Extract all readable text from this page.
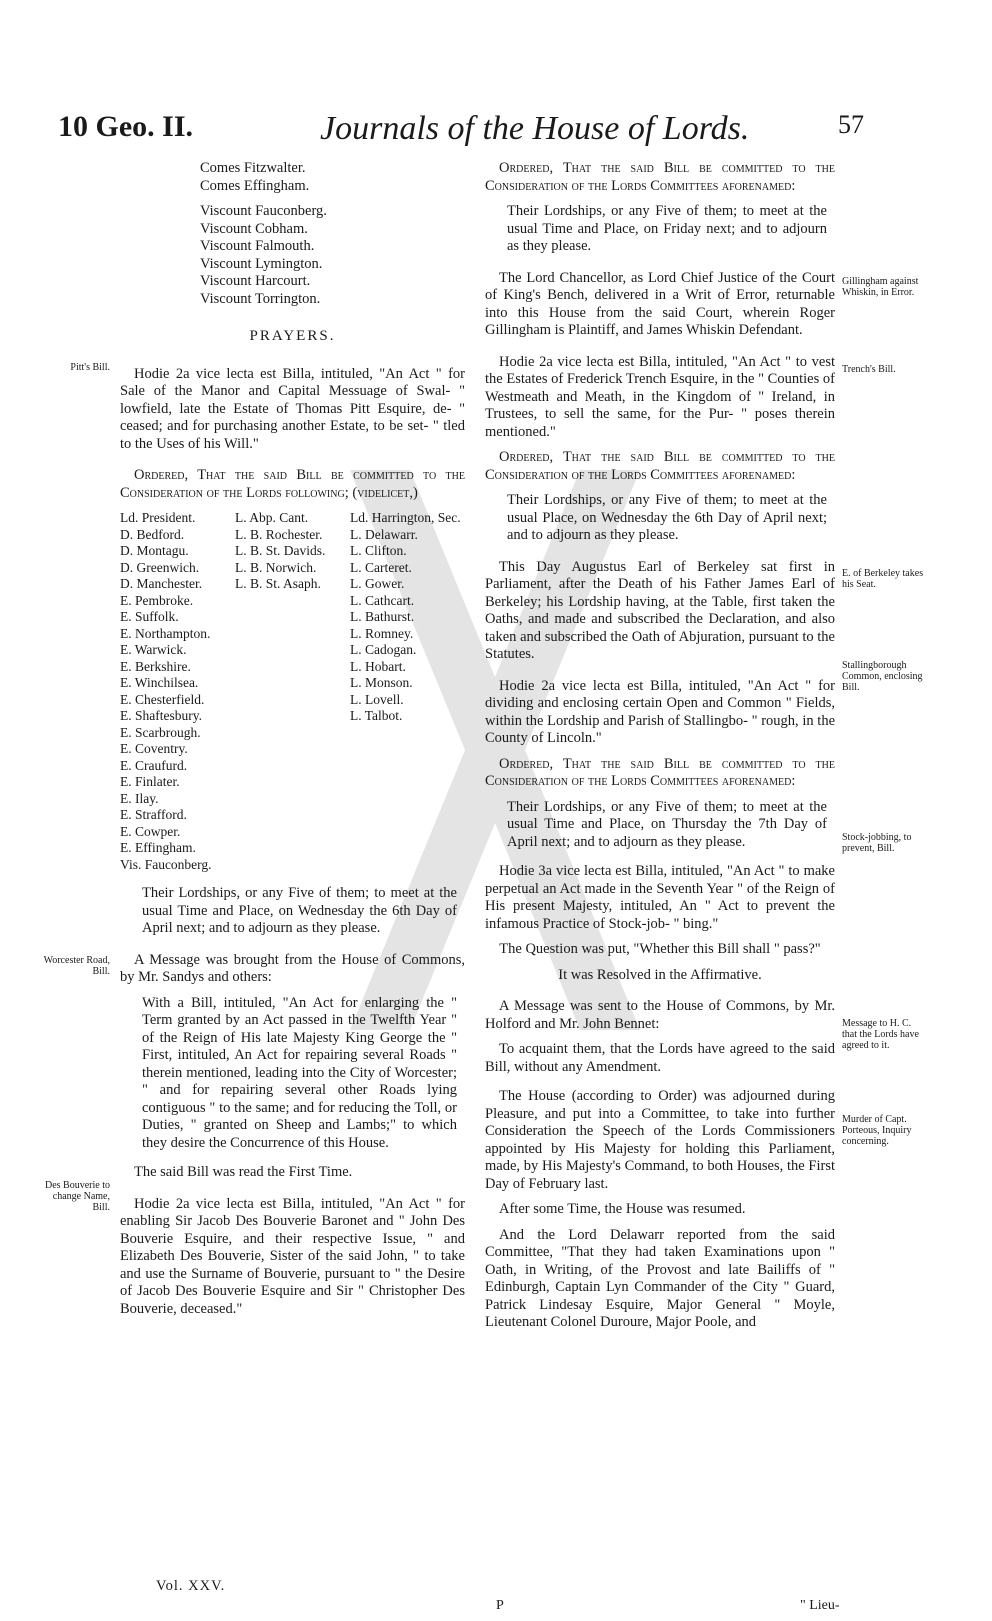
10 Geo. II.	Journals of the House of Lords.	57
Pitt's Bill.
Worcester Road, Bill.
Des Bouverie to change Name, Bill.
Gillingham against Whiskin, in Error.
Trench's Bill.
E. of Berkeley takes his Seat.
Stallingborough Common, enclosing Bill.
Stock-jobbing, to prevent, Bill.
Message to H. C. that the Lords have agreed to it.
Murder of Capt. Porteous, Inquiry concerning.
Comes Fitzwalter.
Comes Effingham.
Viscount Fauconberg.
Viscount Cobham.
Viscount Falmouth.
Viscount Lymington.
Viscount Harcourt.
Viscount Torrington.
PRAYERS.

Hodie 2a vice lecta est Billa, intituled, "An Act " for Sale of the Manor and Capital Messuage of Swal- " lowfield, late the Estate of Thomas Pitt Esquire, de- " ceased; and for purchasing another Estate, to be set- " tled to the Uses of his Will."

Ordered, That the said Bill be committed to the Consideration of the Lords following; (videlicet,)

Ld. President.
D. Bedford.
D. Montagu.
D. Greenwich.
D. Manchester.
E. Pembroke.
E. Suffolk.
E. Northampton.
E. Warwick.
E. Berkshire.
E. Winchilsea.
E. Chesterfield.
E. Shaftesbury.
E. Scarbrough.
E. Coventry.
E. Craufurd.
E. Finlater.
E. Ilay.
E. Strafford.
E. Cowper.
E. Effingham.
Vis. Fauconberg.
L. Abp. Cant.
L. B. Rochester.
L. B. St. Davids.
L. B. Norwich.
L. B. St. Asaph.
Ld. Harrington, Sec.
L. Delawarr.
L. Clifton.
L. Carteret.
L. Gower.
L. Cathcart.
L. Bathurst.
L. Romney.
L. Cadogan.
L. Hobart.
L. Monson.
L. Lovell.
L. Talbot.

Their Lordships, or any Five of them; to meet at the usual Time and Place, on Wednesday the 6th Day of April next; and to adjourn as they please.

A Message was brought from the House of Commons, by Mr. Sandys and others:

With a Bill, intituled, "An Act for enlarging the " Term granted by an Act passed in the Twelfth Year " of the Reign of His late Majesty King George the " First, intituled, An Act for repairing several Roads " therein mentioned, leading into the City of Worcester; " and for repairing several other Roads lying contiguous " to the same; and for reducing the Toll, or Duties, " granted on Sheep and Lambs;" to which they desire the Concurrence of this House.

The said Bill was read the First Time.

Hodie 2a vice lecta est Billa, intituled, "An Act " for enabling Sir Jacob Des Bouverie Baronet and " John Des Bouverie Esquire, and their respective Issue, " and Elizabeth Des Bouverie, Sister of the said John, " to take and use the Surname of Bouverie, pursuant to " the Desire of Jacob Des Bouverie Esquire and Sir " Christopher Des Bouverie, deceased."

Ordered, That the said Bill be committed to the Consideration of the Lords Committees aforenamed:

Their Lordships, or any Five of them; to meet at the usual Time and Place, on Friday next; and to adjourn as they please.

The Lord Chancellor, as Lord Chief Justice of the Court of King's Bench, delivered in a Writ of Error, returnable into this House from the said Court, wherein Roger Gillingham is Plaintiff, and James Whiskin Defendant.

Hodie 2a vice lecta est Billa, intituled, "An Act " to vest the Estates of Frederick Trench Esquire, in the " Counties of Westmeath and Meath, in the Kingdom of " Ireland, in Trustees, to sell the same, for the Pur- " poses therein mentioned."

Ordered, That the said Bill be committed to the Consideration of the Lords Committees aforenamed:

Their Lordships, or any Five of them; to meet at the usual Place, on Wednesday the 6th Day of April next; and to adjourn as they please.

This Day Augustus Earl of Berkeley sat first in Parliament, after the Death of his Father James Earl of Berkeley; his Lordship having, at the Table, first taken the Oaths, and made and subscribed the Declaration, and also taken and subscribed the Oath of Abjuration, pursuant to the Statutes.

Hodie 2a vice lecta est Billa, intituled, "An Act " for dividing and enclosing certain Open and Common " Fields, within the Lordship and Parish of Stallingbo- " rough, in the County of Lincoln."

Ordered, That the said Bill be committed to the Consideration of the Lords Committees aforenamed:

Their Lordships, or any Five of them; to meet at the usual Time and Place, on Thursday the 7th Day of April next; and to adjourn as they please.

Hodie 3a vice lecta est Billa, intituled, "An Act " to make perpetual an Act made in the Seventh Year " of the Reign of His present Majesty, intituled, An " Act to prevent the infamous Practice of Stock-job- " bing."

The Question was put, "Whether this Bill shall " pass?"

It was Resolved in the Affirmative.

A Message was sent to the House of Commons, by Mr. Holford and Mr. John Bennet:

To acquaint them, that the Lords have agreed to the said Bill, without any Amendment.

The House (according to Order) was adjourned during Pleasure, and put into a Committee, to take into further Consideration the Speech of the Lords Commissioners appointed by His Majesty for holding this Parliament, made, by His Majesty's Command, to both Houses, the First Day of February last.

After some Time, the House was resumed.

And the Lord Delawarr reported from the said Committee, "That they had taken Examinations upon " Oath, in Writing, of the Provost and late Bailiffs of " Edinburgh, Captain Lyn Commander of the City " Guard, Patrick Lindesay Esquire, Major General " Moyle, Lieutenant Colonel Duroure, Major Poole, and

Vol. XXV.
P	" Lieu-
